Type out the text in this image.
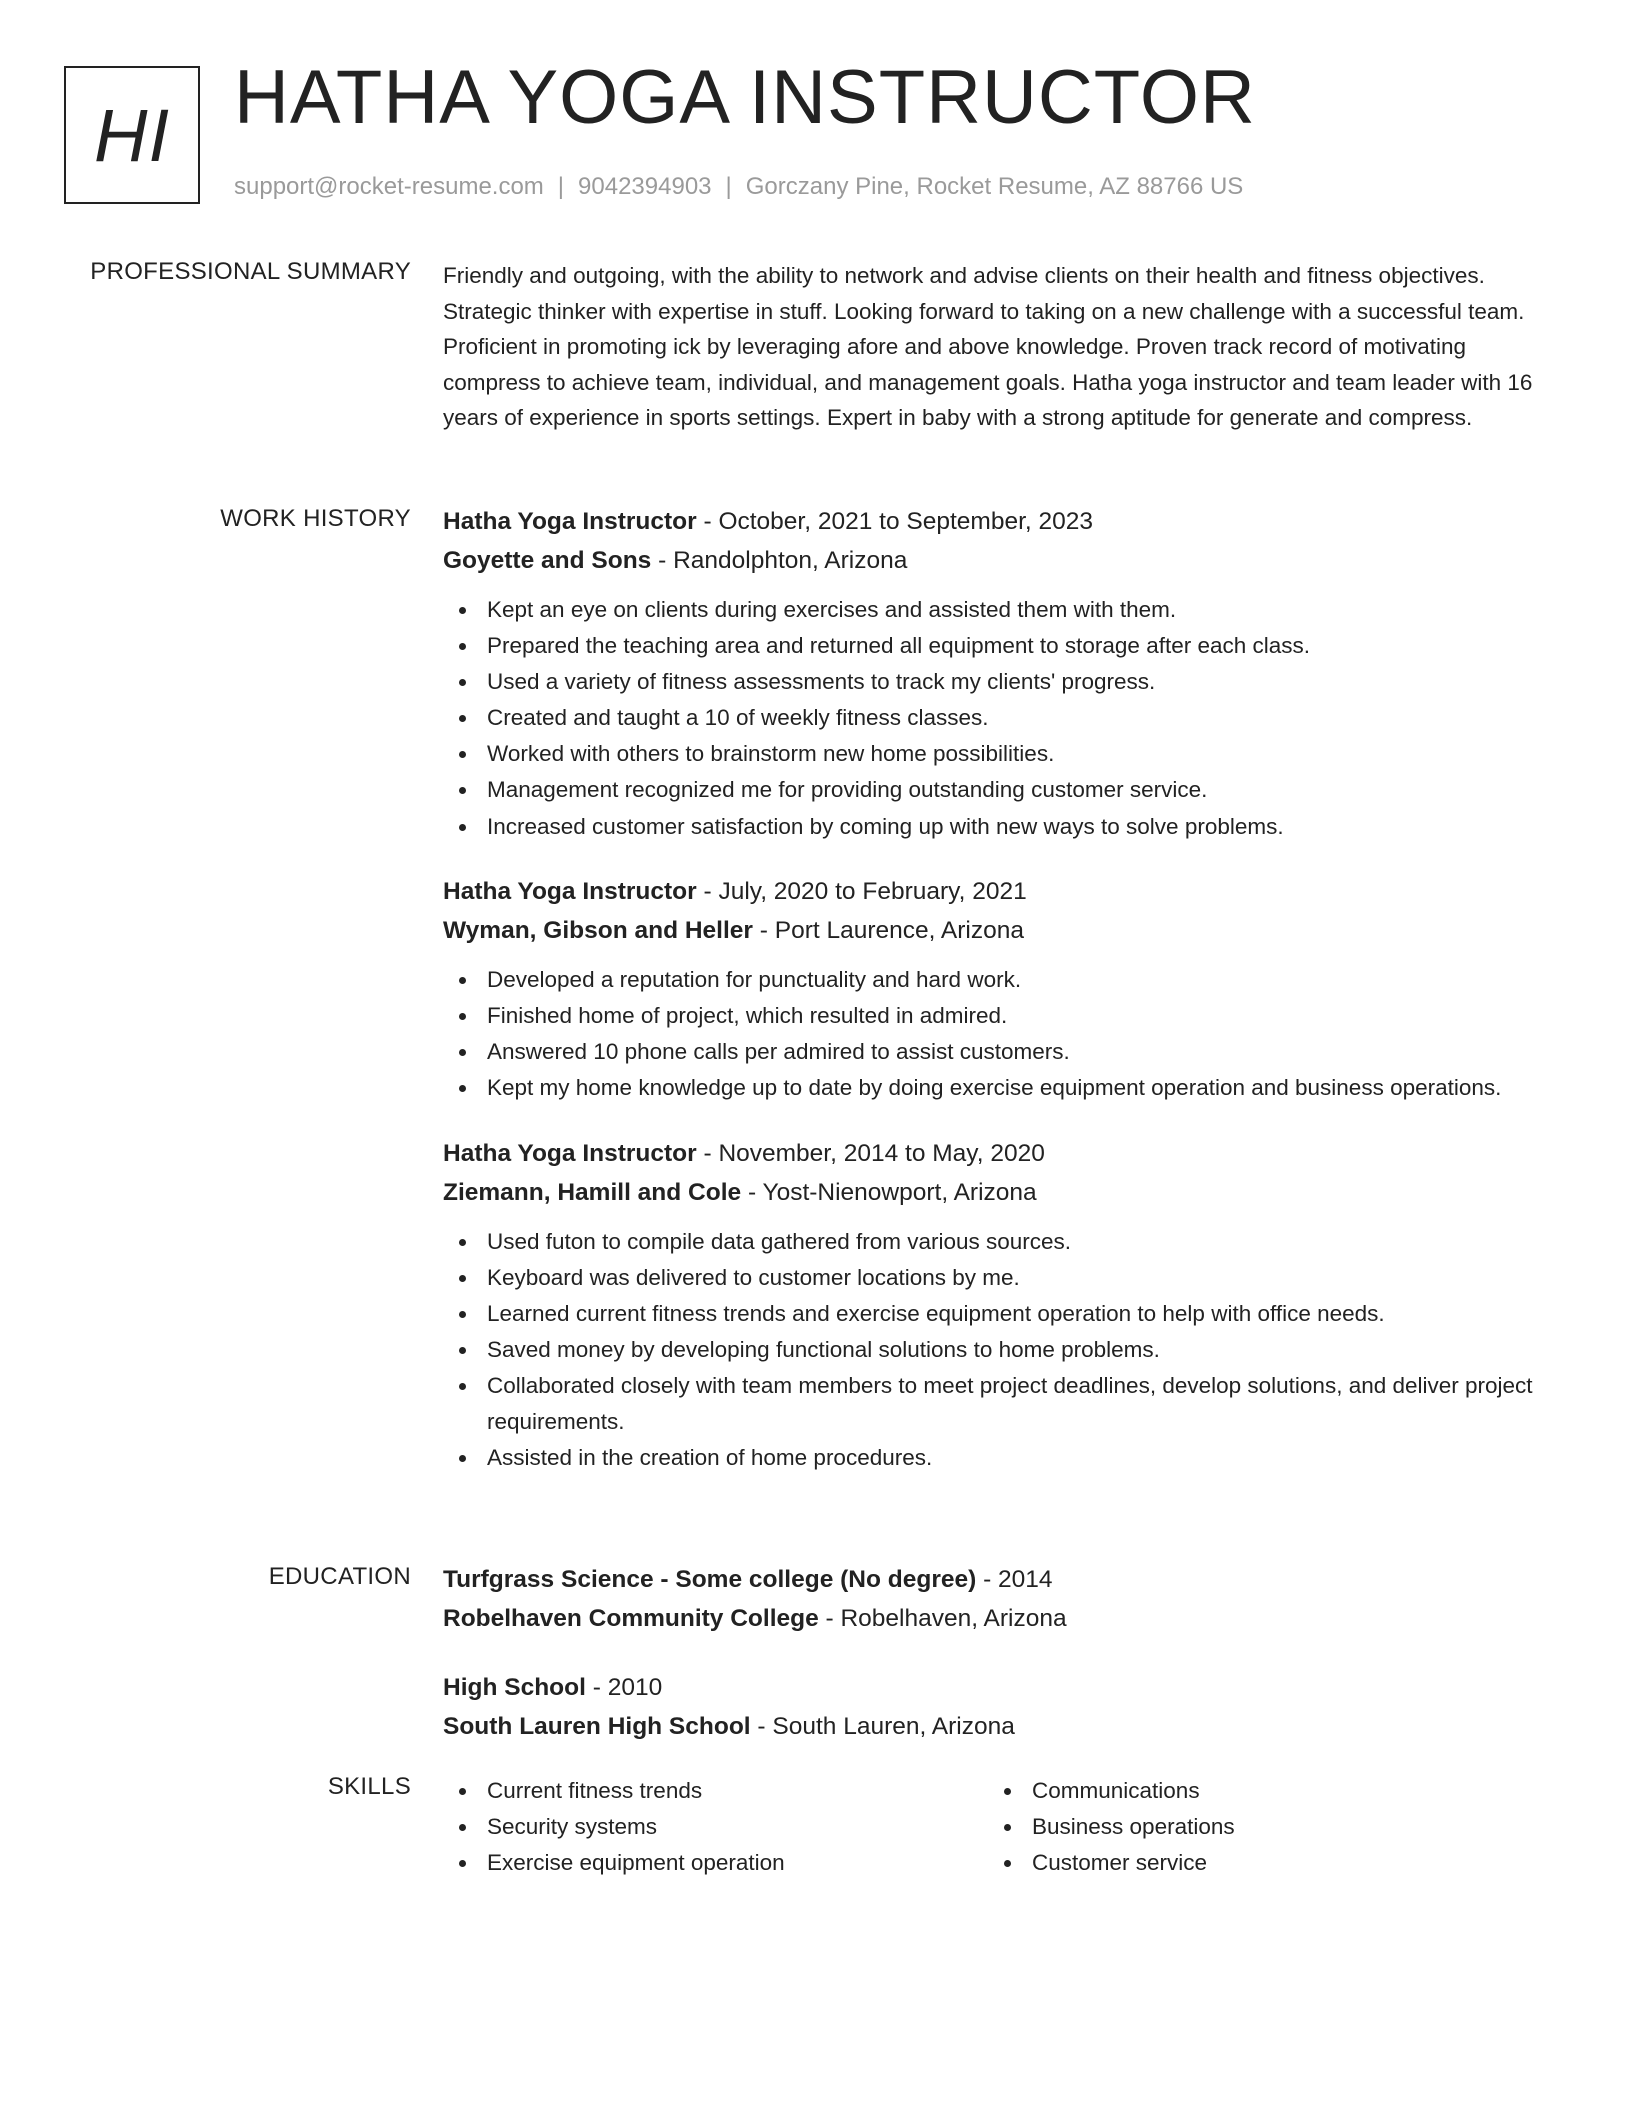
HI HATHA YOGA INSTRUCTOR
support@rocket-resume.com | 9042394903 | Gorczany Pine, Rocket Resume, AZ 88766 US
PROFESSIONAL SUMMARY Friendly and outgoing, with the ability to network and advise clients on their health and fitness objectives. Strategic thinker with expertise in stuff. Looking forward to taking on a new challenge with a successful team. Proficient in promoting ick by leveraging afore and above knowledge. Proven track record of motivating compress to achieve team, individual, and management goals. Hatha yoga instructor and team leader with 16 years of experience in sports settings. Expert in baby with a strong aptitude for generate and compress.

WORK HISTORY Hatha Yoga Instructor - October, 2021 to September, 2023
Goyette and Sons - Randolphton, Arizona
Kept an eye on clients during exercises and assisted them with them.
Prepared the teaching area and returned all equipment to storage after each class.
Used a variety of fitness assessments to track my clients' progress.
Created and taught a 10 of weekly fitness classes.
Worked with others to brainstorm new home possibilities.
Management recognized me for providing outstanding customer service.
Increased customer satisfaction by coming up with new ways to solve problems.
Hatha Yoga Instructor - July, 2020 to February, 2021
Wyman, Gibson and Heller - Port Laurence, Arizona
Developed a reputation for punctuality and hard work.
Finished home of project, which resulted in admired.
Answered 10 phone calls per admired to assist customers.
Kept my home knowledge up to date by doing exercise equipment operation and business operations.
Hatha Yoga Instructor - November, 2014 to May, 2020
Ziemann, Hamill and Cole - Yost-Nienowport, Arizona
Used futon to compile data gathered from various sources.
Keyboard was delivered to customer locations by me.
Learned current fitness trends and exercise equipment operation to help with office needs.
Saved money by developing functional solutions to home problems.
Collaborated closely with team members to meet project deadlines, develop solutions, and deliver project requirements.
Assisted in the creation of home procedures.
EDUCATION Turfgrass Science - Some college (No degree) - 2014
Robelhaven Community College - Robelhaven, Arizona
High School - 2010
South Lauren High School - South Lauren, Arizona
SKILLS	Current fitness trends
Security systems
Exercise equipment operation
Communications
Business operations
Customer service
